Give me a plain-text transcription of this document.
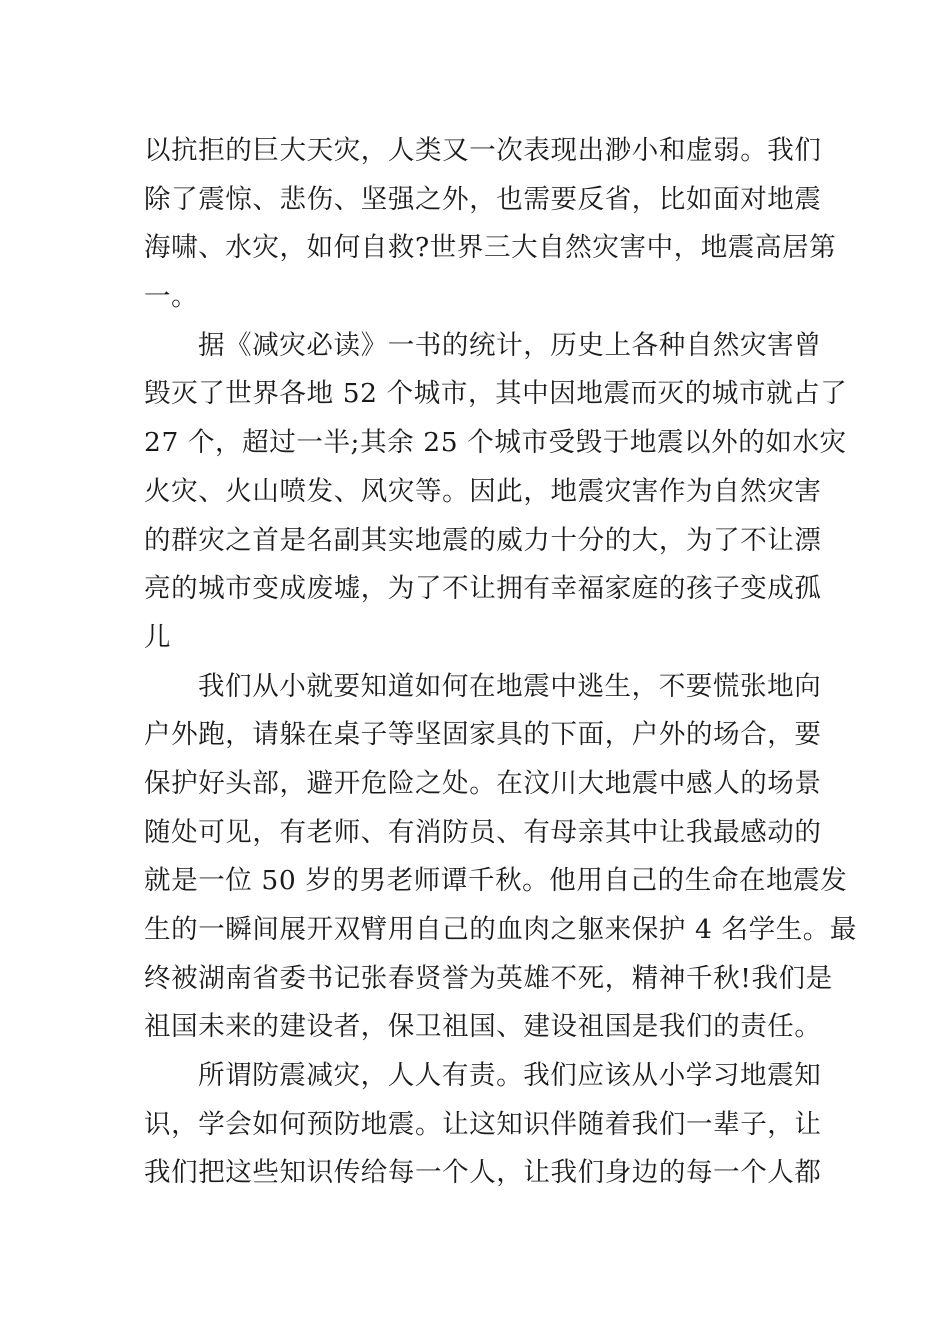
以抗拒的巨大天灾，人类又一次表现出渺小和虚弱。我们
除了震惊、悲伤、坚强之外，也需要反省，比如面对地震
海啸、水灾，如何自救?世界三大自然灾害中，地震高居第
一。
据《减灾必读》一书的统计，历史上各种自然灾害曾
毁灭了世界各地 52 个城市，其中因地震而灭的城市就占了
27 个，超过一半;其余 25 个城市受毁于地震以外的如水灾
火灾、火山喷发、风灾等。因此，地震灾害作为自然灾害
的群灾之首是名副其实地震的威力十分的大，为了不让漂
亮的城市变成废墟，为了不让拥有幸福家庭的孩子变成孤
儿
我们从小就要知道如何在地震中逃生，不要慌张地向
户外跑，请躲在桌子等坚固家具的下面，户外的场合，要
保护好头部，避开危险之处。在汶川大地震中感人的场景
随处可见，有老师、有消防员、有母亲其中让我最感动的
就是一位 50 岁的男老师谭千秋。他用自己的生命在地震发
生的一瞬间展开双臂用自己的血肉之躯来保护 4 名学生。最
终被湖南省委书记张春贤誉为英雄不死，精神千秋!我们是
祖国未来的建设者，保卫祖国、建设祖国是我们的责任。
所谓防震减灾，人人有责。我们应该从小学习地震知
识，学会如何预防地震。让这知识伴随着我们一辈子，让
我们把这些知识传给每一个人，让我们身边的每一个人都
